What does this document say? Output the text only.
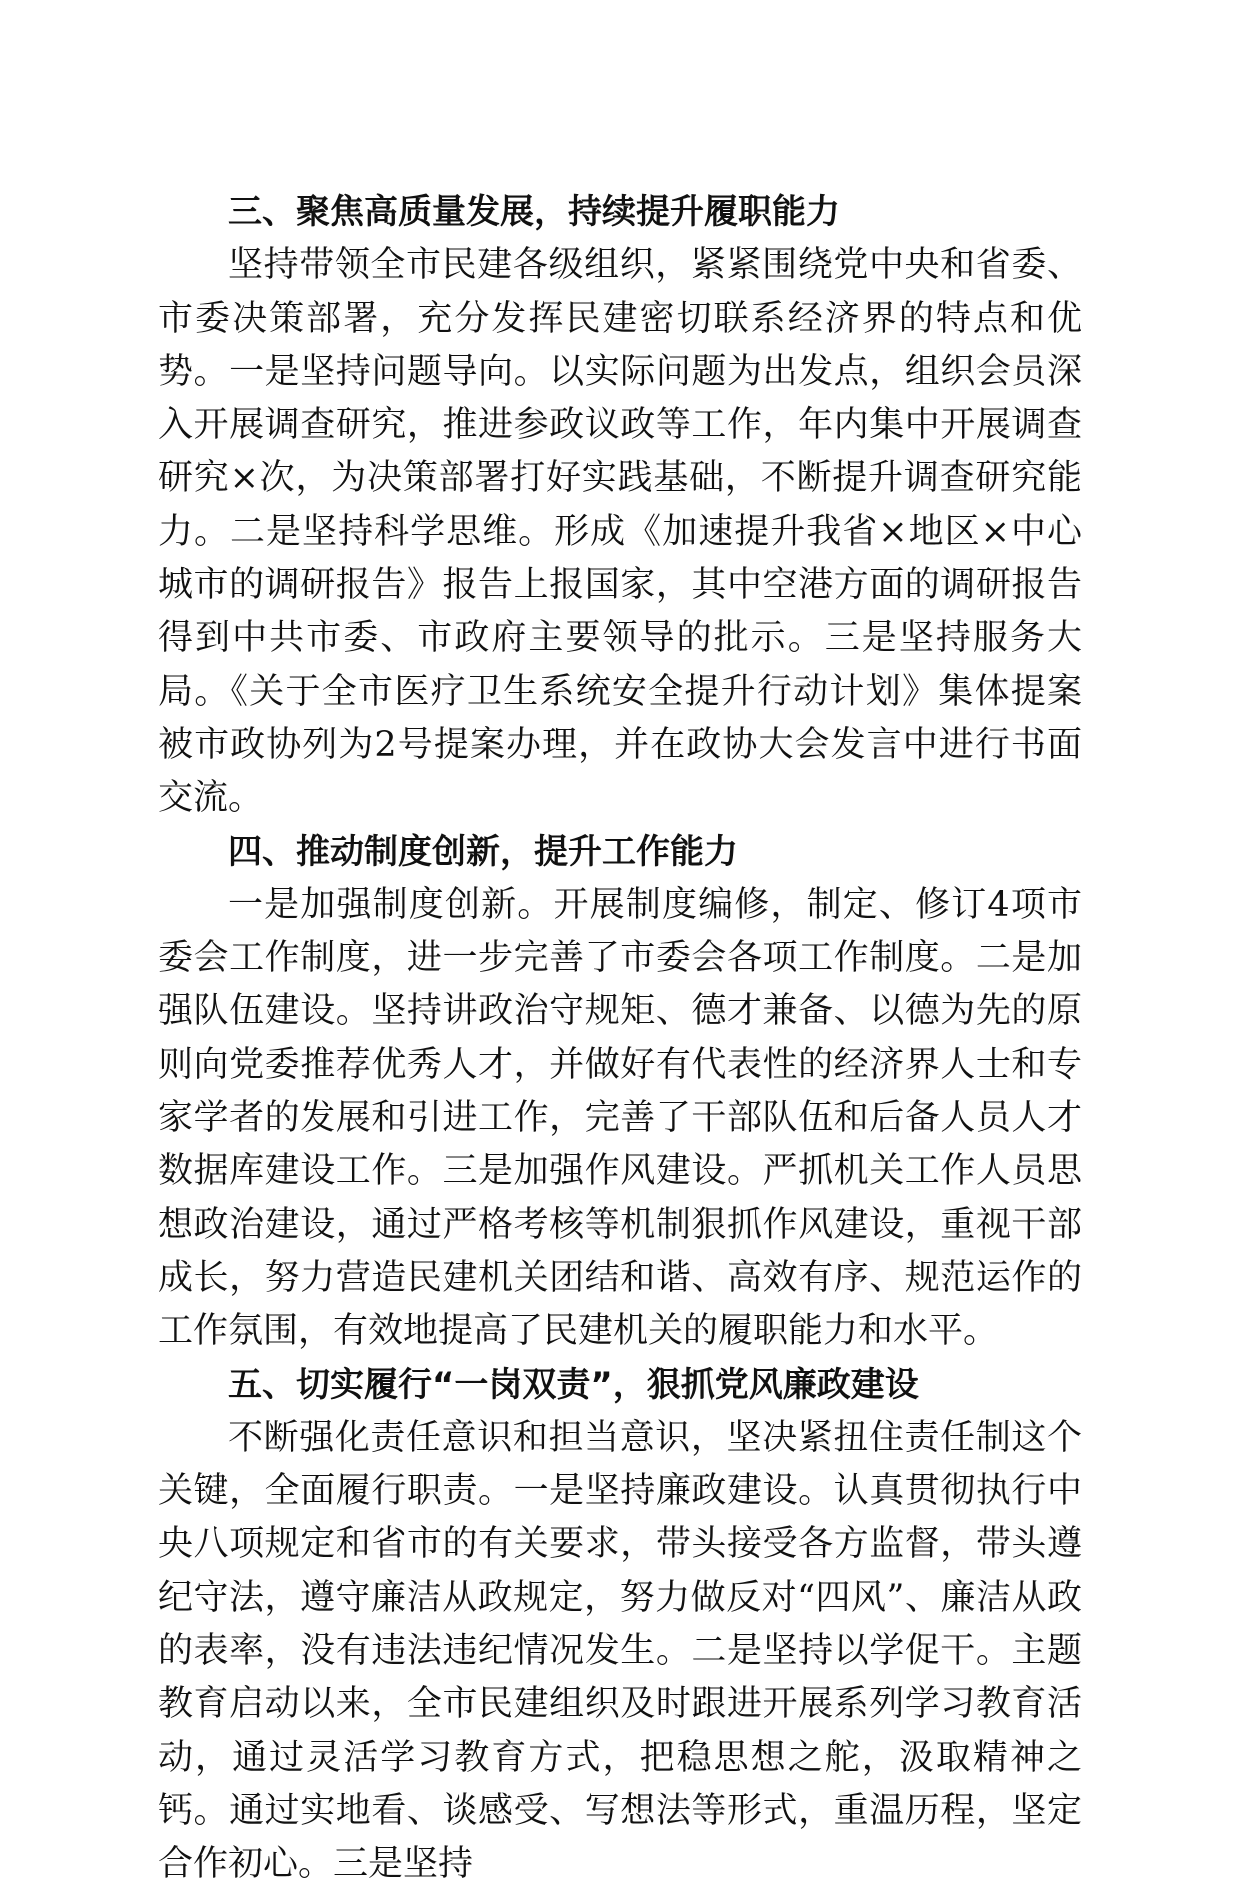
三、聚焦高质量发展，持续提升履职能力

坚持带领全市民建各级组织，紧紧围绕党中央和省委、市委决策部署，充分发挥民建密切联系经济界的特点和优势。一是坚持问题导向。以实际问题为出发点，组织会员深入开展调查研究，推进参政议政等工作，年内集中开展调查研究×次，为决策部署打好实践基础，不断提升调查研究能力。二是坚持科学思维。形成《加速提升我省×地区×中心城市的调研报告》报告上报国家，其中空港方面的调研报告得到中共市委、市政府主要领导的批示。三是坚持服务大局。《关于全市医疗卫生系统安全提升行动计划》集体提案被市政协列为2号提案办理，并在政协大会发言中进行书面交流。

四、推动制度创新，提升工作能力

一是加强制度创新。开展制度编修，制定、修订4项市委会工作制度，进一步完善了市委会各项工作制度。二是加强队伍建设。坚持讲政治守规矩、德才兼备、以德为先的原则向党委推荐优秀人才，并做好有代表性的经济界人士和专家学者的发展和引进工作，完善了干部队伍和后备人员人才数据库建设工作。三是加强作风建设。严抓机关工作人员思想政治建设，通过严格考核等机制狠抓作风建设，重视干部成长，努力营造民建机关团结和谐、高效有序、规范运作的工作氛围，有效地提高了民建机关的履职能力和水平。

五、切实履行“一岗双责”，狠抓党风廉政建设

不断强化责任意识和担当意识，坚决紧扭住责任制这个关键，全面履行职责。一是坚持廉政建设。认真贯彻执行中央八项规定和省市的有关要求，带头接受各方监督，带头遵纪守法，遵守廉洁从政规定，努力做反对“四风”、廉洁从政的表率，没有违法违纪情况发生。二是坚持以学促干。主题教育启动以来，全市民建组织及时跟进开展系列学习教育活动，通过灵活学习教育方式，把稳思想之舵，汲取精神之钙。通过实地看、谈感受、写想法等形式，重温历程，坚定合作初心。三是坚持
